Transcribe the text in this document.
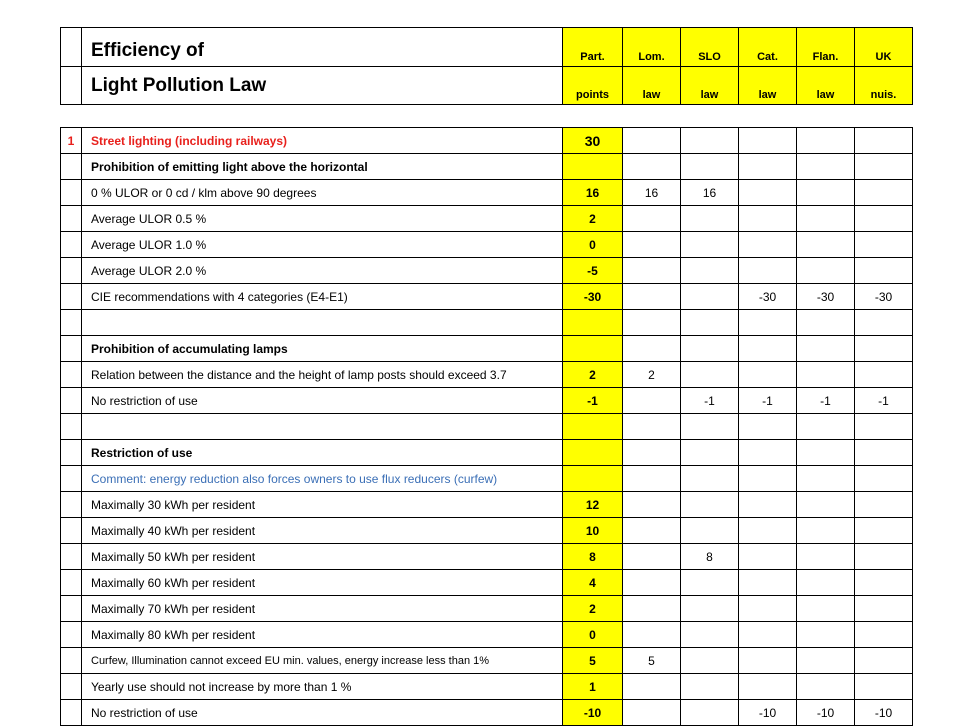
	Efficiency of	Part.	Lom.	SLO	Cat.	Flan.	UK
	Light Pollution Law	points	law	law	law	law	nuis.
1	Street lighting (including railways)	30					
	Prohibition of emitting light above the horizontal						
	0 % ULOR or 0 cd / klm above 90 degrees	16	16	16			
	Average ULOR 0.5 %	2					
	Average ULOR 1.0 %	0					
	Average ULOR 2.0 %	-5					
	CIE recommendations with 4 categories (E4-E1)	-30			-30	-30	-30

	Prohibition of accumulating lamps						
	Relation between the distance and the height of lamp posts should exceed 3.7	2	2				
	No restriction of use	-1		-1	-1	-1	-1

	Restriction of use						
	Comment: energy reduction also forces owners to use flux reducers (curfew)						
	Maximally 30 kWh per resident	12					
	Maximally 40 kWh per resident	10					
	Maximally 50 kWh per resident	8		8			
	Maximally 60 kWh per resident	4					
	Maximally 70 kWh per resident	2					
	Maximally 80 kWh per resident	0					
	Curfew, Illumination cannot exceed EU min. values, energy increase less than 1%	5	5				
	Yearly use should not increase by more than 1 %	1					
	No restriction of use	-10			-10	-10	-10
